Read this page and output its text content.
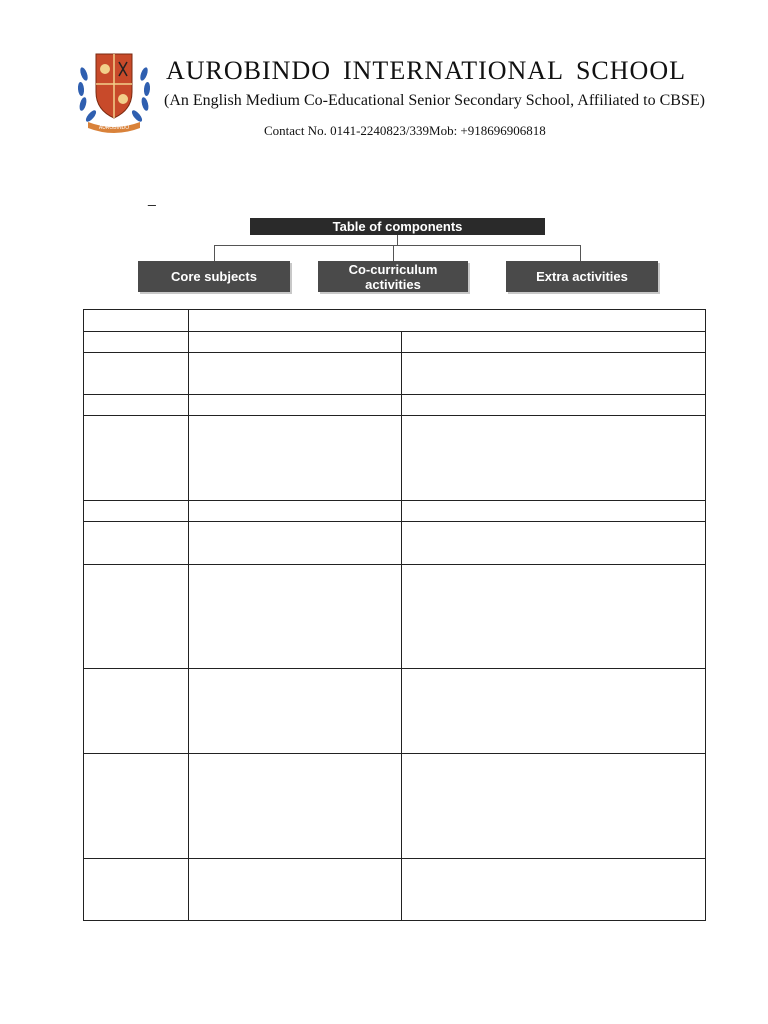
AUROBINDO
AUROBINDO INTERNATIONAL SCHOOL
(An English Medium Co-Educational Senior Secondary School, Affiliated to CBSE)
Contact No. 0141-2240823/339Mob: +918696906818
_
Table of components
Core subjects	Co-curriculum
activities	Extra activities
